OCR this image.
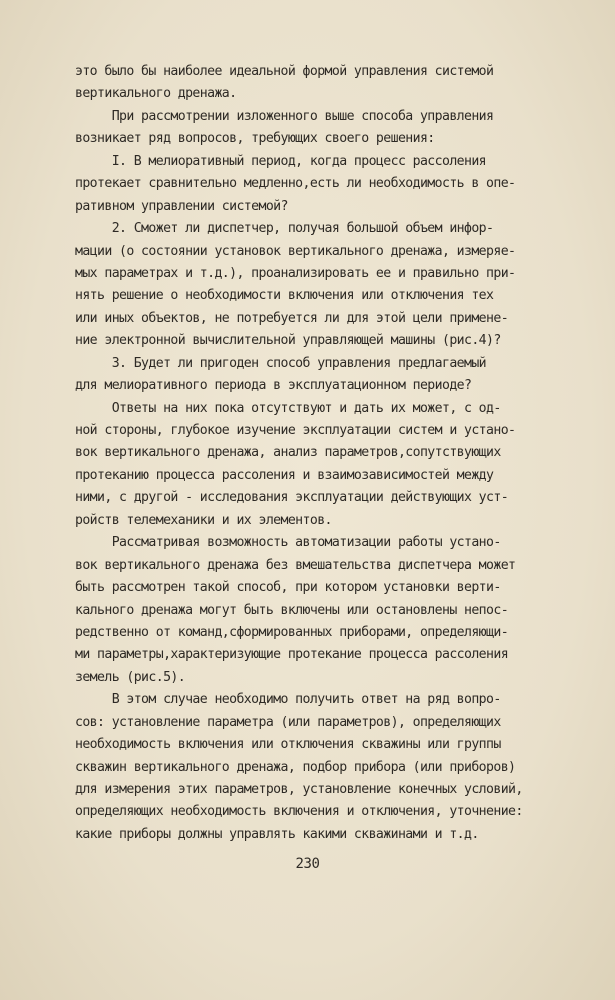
это было бы наиболее идеальной формой управления системой
вертикального дренажа.
При рассмотрении изложенного выше способа управления
возникает ряд вопросов, требующих своего решения:
I. В мелиоративный период, когда процесс рассоления
протекает сравнительно медленно,есть ли необходимость в опе-
ративном управлении системой?
2. Сможет ли диспетчер, получая большой объем инфор-
мации (о состоянии установок вертикального дренажа, измеряе-
мых параметрах и т.д.), проанализировать ее и правильно при-
нять решение о необходимости включения или отключения тех
или иных объектов, не потребуется ли для этой цели примене-
ние электронной вычислительной управляющей машины (рис.4)?
3. Будет ли пригоден способ управления предлагаемый
для мелиоративного периода в эксплуатационном периоде?
Ответы на них пока отсутствуют и дать их может, с од-
ной стороны, глубокое изучение эксплуатации систем и устано-
вок вертикального дренажа, анализ параметров,сопутствующих
протеканию процесса рассоления и взаимозависимостей между
ними, с другой - исследования эксплуатации действующих уст-
ройств телемеханики и их элементов.
Рассматривая возможность автоматизации работы устано-
вок вертикального дренажа без вмешательства диспетчера может
быть рассмотрен такой способ, при котором установки верти-
кального дренажа могут быть включены или остановлены непос-
редственно от команд,сформированных приборами, определяющи-
ми параметры,характеризующие протекание процесса рассоления
земель (рис.5).
В этом случае необходимо получить ответ на ряд вопро-
сов: установление параметра (или параметров), определяющих
необходимость включения или отключения скважины или группы
скважин вертикального дренажа, подбор прибора (или приборов)
для измерения этих параметров, установление конечных условий,
определяющих необходимость включения и отключения, уточнение:
какие приборы должны управлять какими скважинами и т.д.
230
